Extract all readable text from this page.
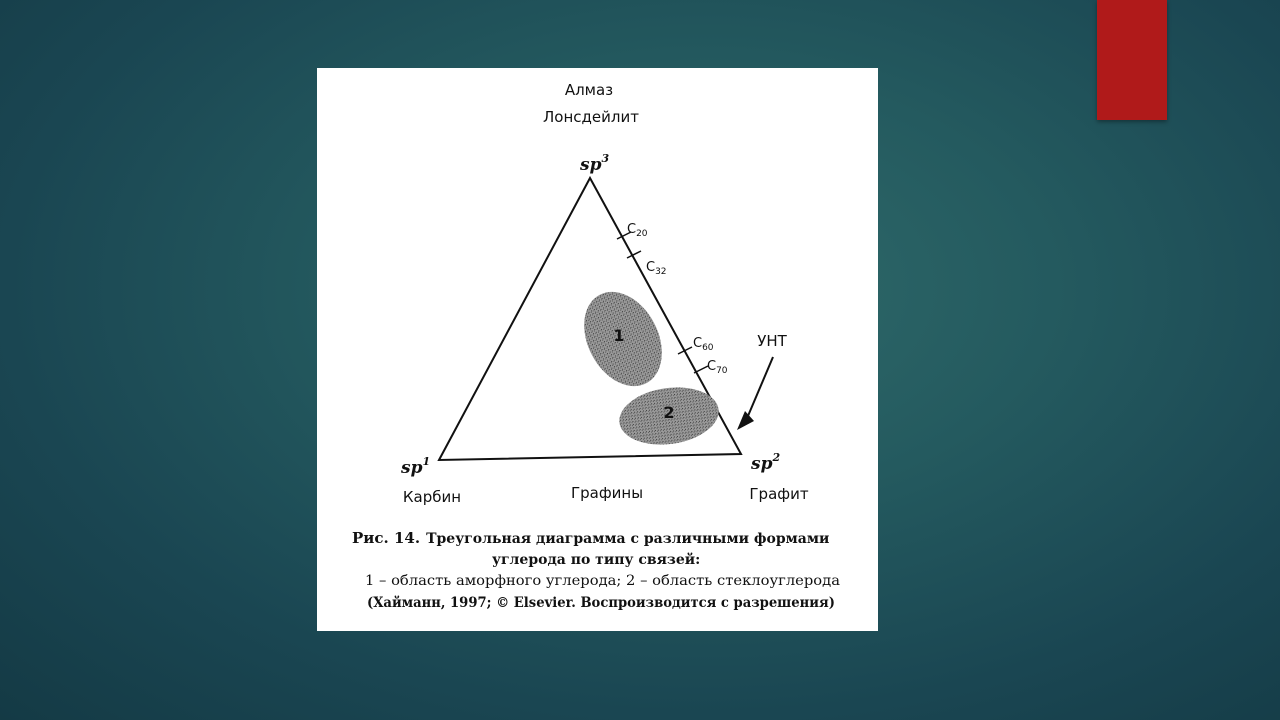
Алмаз
Лонсдейлит
$sp^3$
$sp^1$	$sp^2$
$C_{20}$
$C_{32}$
$C_{60}$
$C_{70}$
1
2
УНТ
Карбин	Графины	Графит
Рис. 14. Треугольная диаграмма с различными формами
углерода по типу связей:
1 – область аморфного углерода; 2 – область стеклоуглерода
(Хайманн, 1997; © Elsevier. Воспроизводится с разрешения)
